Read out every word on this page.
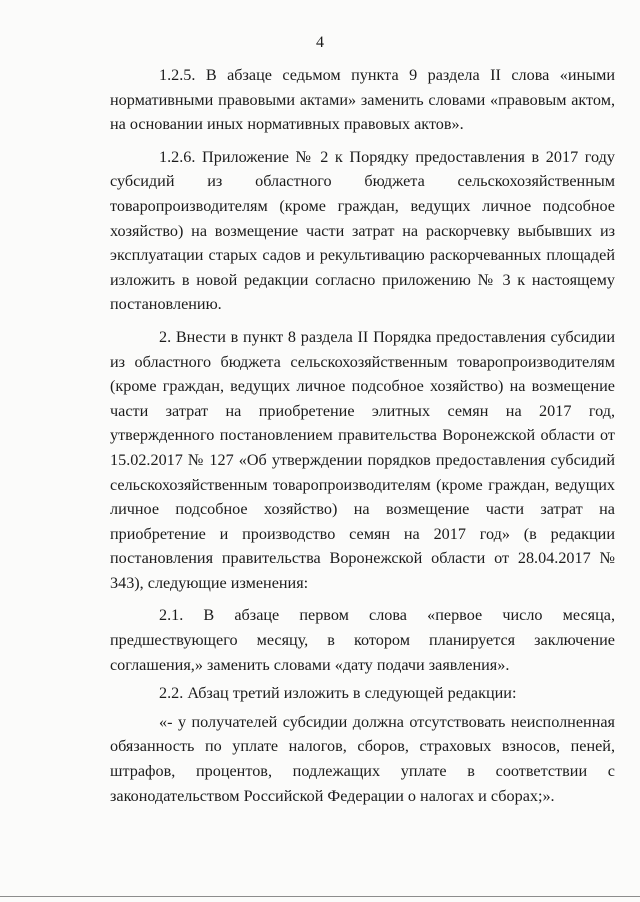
4

1.2.5. В абзаце седьмом пункта 9 раздела II слова «иными нормативными правовыми актами» заменить словами «правовым актом, на основании иных нормативных правовых актов».

1.2.6. Приложение № 2 к Порядку предоставления в 2017 году субсидий из областного бюджета сельскохозяйственным товаропроизводителям (кроме граждан, ведущих личное подсобное хозяйство) на возмещение части затрат на раскорчевку выбывших из эксплуатации старых садов и рекультивацию раскорчеванных площадей изложить в новой редакции согласно приложению № 3 к настоящему постановлению.

2. Внести в пункт 8 раздела II Порядка предоставления субсидии из областного бюджета сельскохозяйственным товаропроизводителям (кроме граждан, ведущих личное подсобное хозяйство) на возмещение части затрат на приобретение элитных семян на 2017 год, утвержденного постановлением правительства Воронежской области от 15.02.2017 № 127 «Об утверждении порядков предоставления субсидий сельскохозяйственным товаропроизводителям (кроме граждан, ведущих личное подсобное хозяйство) на возмещение части затрат на приобретение и производство семян на 2017 год» (в редакции постановления правительства Воронежской области от 28.04.2017 № 343), следующие изменения:

2.1. В абзаце первом слова «первое число месяца, предшествующего месяцу, в котором планируется заключение соглашения,» заменить словами «дату подачи заявления».

2.2. Абзац третий изложить в следующей редакции:

«- у получателей субсидии должна отсутствовать неисполненная обязанность по уплате налогов, сборов, страховых взносов, пеней, штрафов, процентов, подлежащих уплате в соответствии с законодательством Российской Федерации о налогах и сборах;».
